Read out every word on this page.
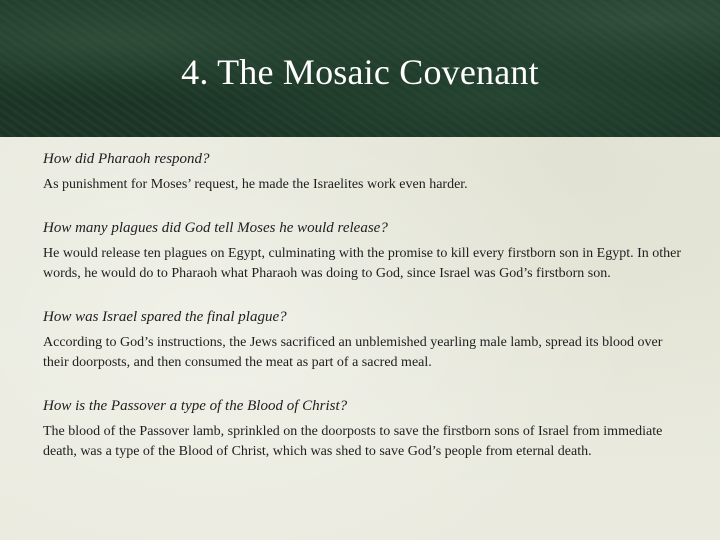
4. The Mosaic Covenant

How did Pharaoh respond?

As punishment for Moses’ request, he made the Israelites work even harder.

How many plagues did God tell Moses he would release?

He would release ten plagues on Egypt, culminating with the promise to kill every firstborn son in Egypt. In other words, he would do to Pharaoh what Pharaoh was doing to God, since Israel was God’s firstborn son.

How was Israel spared the final plague?

According to God’s instructions, the Jews sacrificed an unblemished yearling male lamb, spread its blood over their doorposts, and then consumed the meat as part of a sacred meal.

How is the Passover a type of the Blood of Christ?

The blood of the Passover lamb, sprinkled on the doorposts to save the firstborn sons of Israel from immediate death, was a type of the Blood of Christ, which was shed to save God’s people from eternal death.
